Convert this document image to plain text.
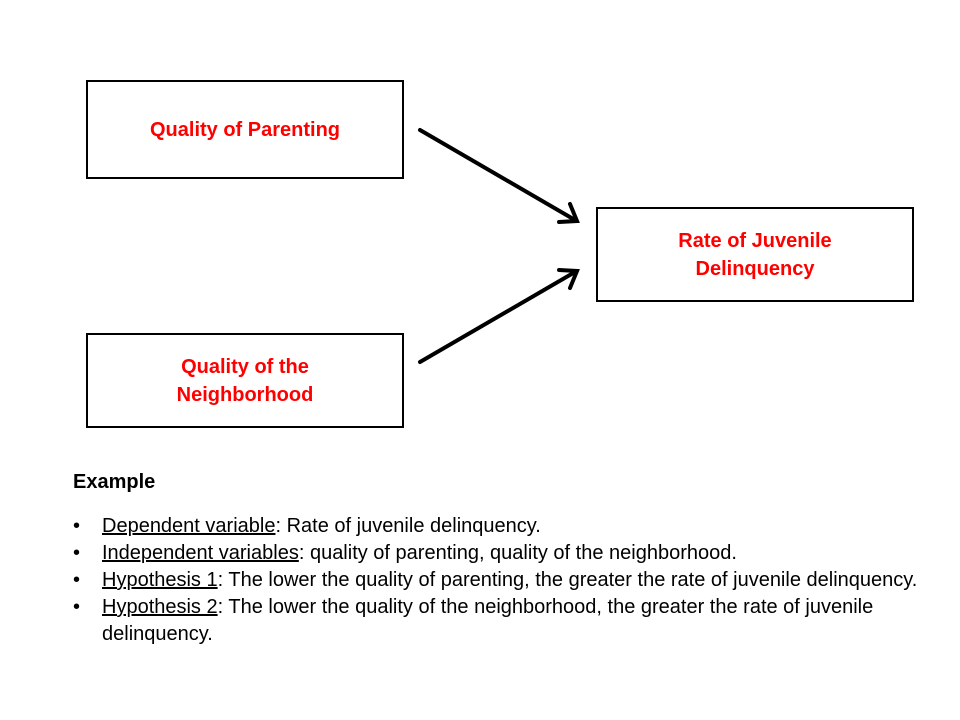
Quality of Parenting
Rate of Juvenile
Delinquency
Quality of the
Neighborhood
Example
• Dependent variable: Rate of juvenile delinquency.
• Independent variables: quality of parenting, quality of the neighborhood.
• Hypothesis 1: The lower the quality of parenting, the greater the rate of juvenile delinquency.
• Hypothesis 2: The lower the quality of the neighborhood, the greater the rate of juvenile delinquency.
